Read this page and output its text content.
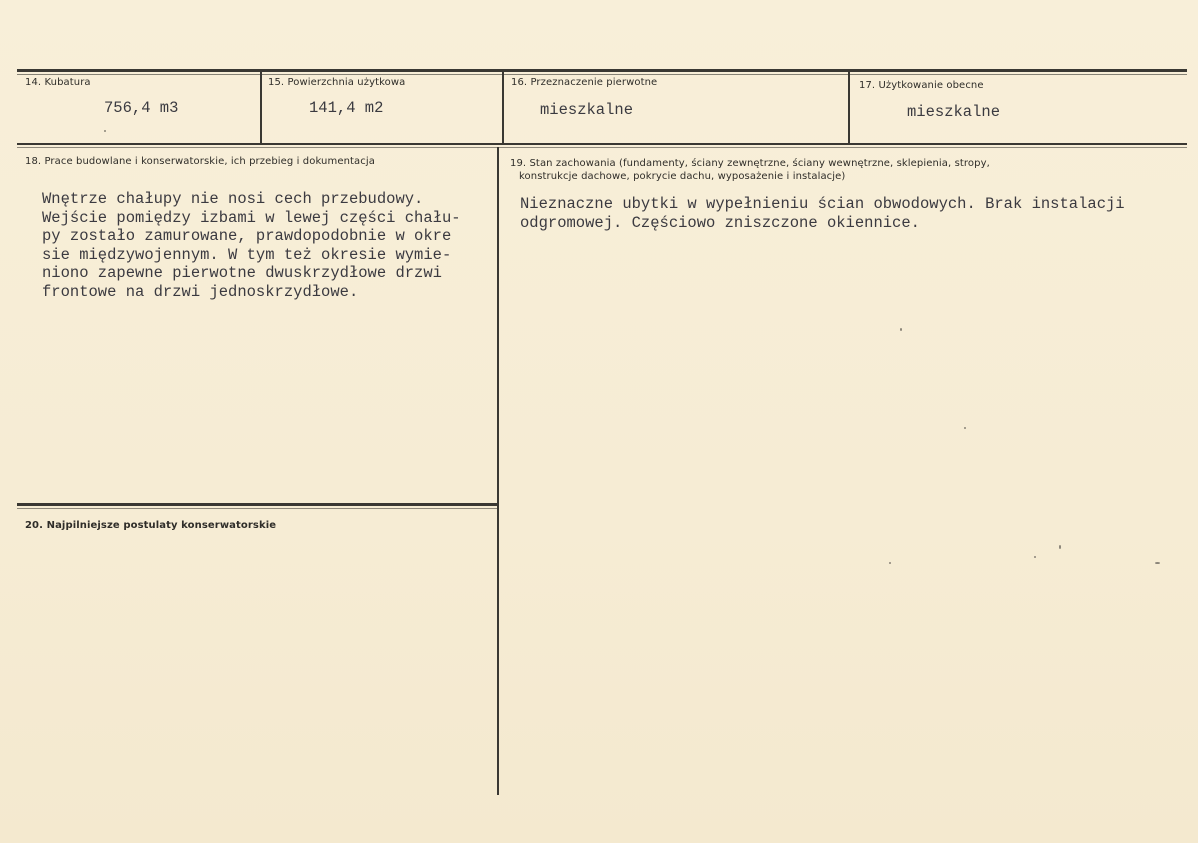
14. Kubatura
756,4 m3
15. Powierzchnia użytkowa
141,4 m2
16. Przeznaczenie pierwotne
mieszkalne
17. Użytkowanie obecne
mieszkalne
18. Prace budowlane i konserwatorskie, ich przebieg i dokumentacja
Wnętrze chałupy nie nosi cech przebudowy.
Wejście pomiędzy izbami w lewej części chału-
py zostało zamurowane, prawdopodobnie w okre
sie międzywojennym. W tym też okresie wymie-
niono zapewne pierwotne dwuskrzydłowe drzwi
frontowe na drzwi jednoskrzydłowe.
19. Stan zachowania (fundamenty, ściany zewnętrzne, ściany wewnętrzne, sklepienia, stropy,
konstrukcje dachowe, pokrycie dachu, wyposażenie i instalacje)
Nieznaczne ubytki w wypełnieniu ścian obwodowych. Brak instalacji
odgromowej. Częściowo zniszczone okiennice.
20. Najpilniejsze postulaty konserwatorskie
